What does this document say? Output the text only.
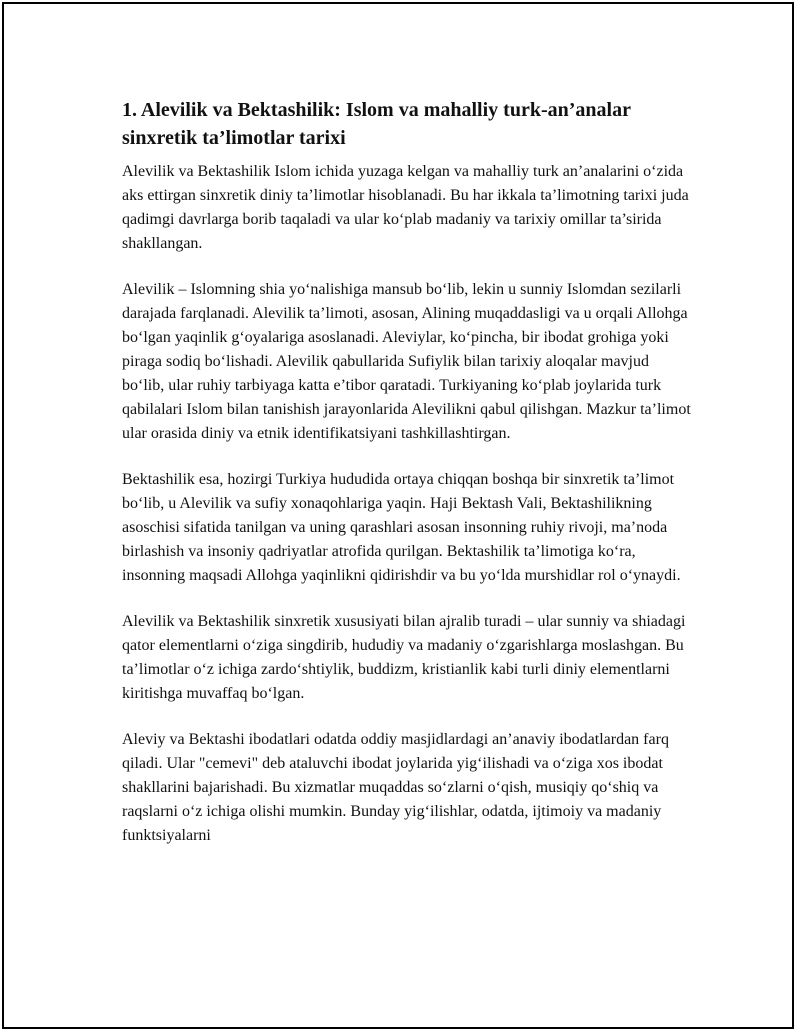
1. Alevilik va Bektashilik: Islom va mahalliy turk-an’analar sinxretik ta’limotlar tarixi

Alevilik va Bektashilik Islom ichida yuzaga kelgan va mahalliy turk an’analarini o‘zida aks ettirgan sinxretik diniy ta’limotlar hisoblanadi. Bu har ikkala ta’limotning tarixi juda qadimgi davrlarga borib taqaladi va ular ko‘plab madaniy va tarixiy omillar ta’sirida shakllangan.

Alevilik – Islomning shia yo‘nalishiga mansub bo‘lib, lekin u sunniy Islomdan sezilarli darajada farqlanadi. Alevilik ta’limoti, asosan, Alining muqaddasligi va u orqali Allohga bo‘lgan yaqinlik g‘oyalariga asoslanadi. Aleviylar, ko‘pincha, bir ibodat grohiga yoki piraga sodiq bo‘lishadi. Alevilik qabullarida Sufiylik bilan tarixiy aloqalar mavjud bo‘lib, ular ruhiy tarbiyaga katta e’tibor qaratadi. Turkiyaning ko‘plab joylarida turk qabilalari Islom bilan tanishish jarayonlarida Alevilikni qabul qilishgan. Mazkur ta’limot ular orasida diniy va etnik identifikatsiyani tashkillashtirgan.

Bektashilik esa, hozirgi Turkiya hududida ortaya chiqqan boshqa bir sinxretik ta’limot bo‘lib, u Alevilik va sufiy xonaqohlariga yaqin. Haji Bektash Vali, Bektashilikning asoschisi sifatida tanilgan va uning qarashlari asosan insonning ruhiy rivoji, ma’noda birlashish va insoniy qadriyatlar atrofida qurilgan. Bektashilik ta’limotiga ko‘ra, insonning maqsadi Allohga yaqinlikni qidirishdir va bu yo‘lda murshidlar rol o‘ynaydi.

Alevilik va Bektashilik sinxretik xususiyati bilan ajralib turadi – ular sunniy va shiadagi qator elementlarni o‘ziga singdirib, hududiy va madaniy o‘zgarishlarga moslashgan. Bu ta’limotlar o‘z ichiga zardo‘shtiylik, buddizm, kristianlik kabi turli diniy elementlarni kiritishga muvaffaq bo‘lgan.

Aleviy va Bektashi ibodatlari odatda oddiy masjidlardagi an’anaviy ibodatlardan farq qiladi. Ular "cemevi" deb ataluvchi ibodat joylarida yig‘ilishadi va o‘ziga xos ibodat shakllarini bajarishadi. Bu xizmatlar muqaddas so‘zlarni o‘qish, musiqiy qo‘shiq va raqslarni o‘z ichiga olishi mumkin. Bunday yig‘ilishlar, odatda, ijtimoiy va madaniy funktsiyalarni
